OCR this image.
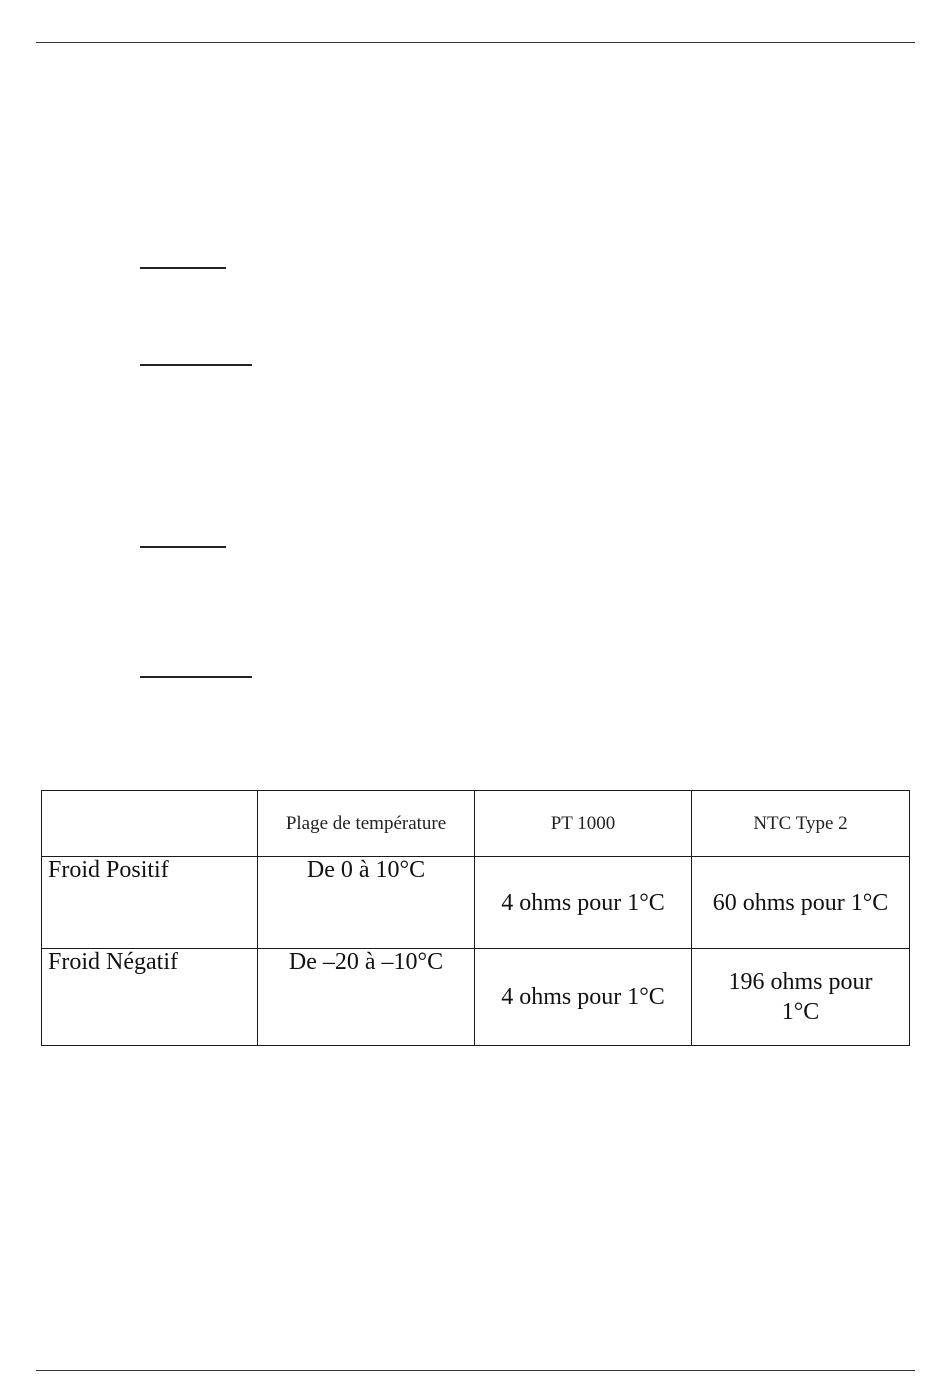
	Plage de température	PT 1000	NTC Type 2
Froid Positif	De 0 à 10°C	4 ohms pour 1°C	60 ohms pour 1°C
Froid Négatif	De –20 à –10°C	4 ohms pour 1°C	196 ohms pour 1°C
